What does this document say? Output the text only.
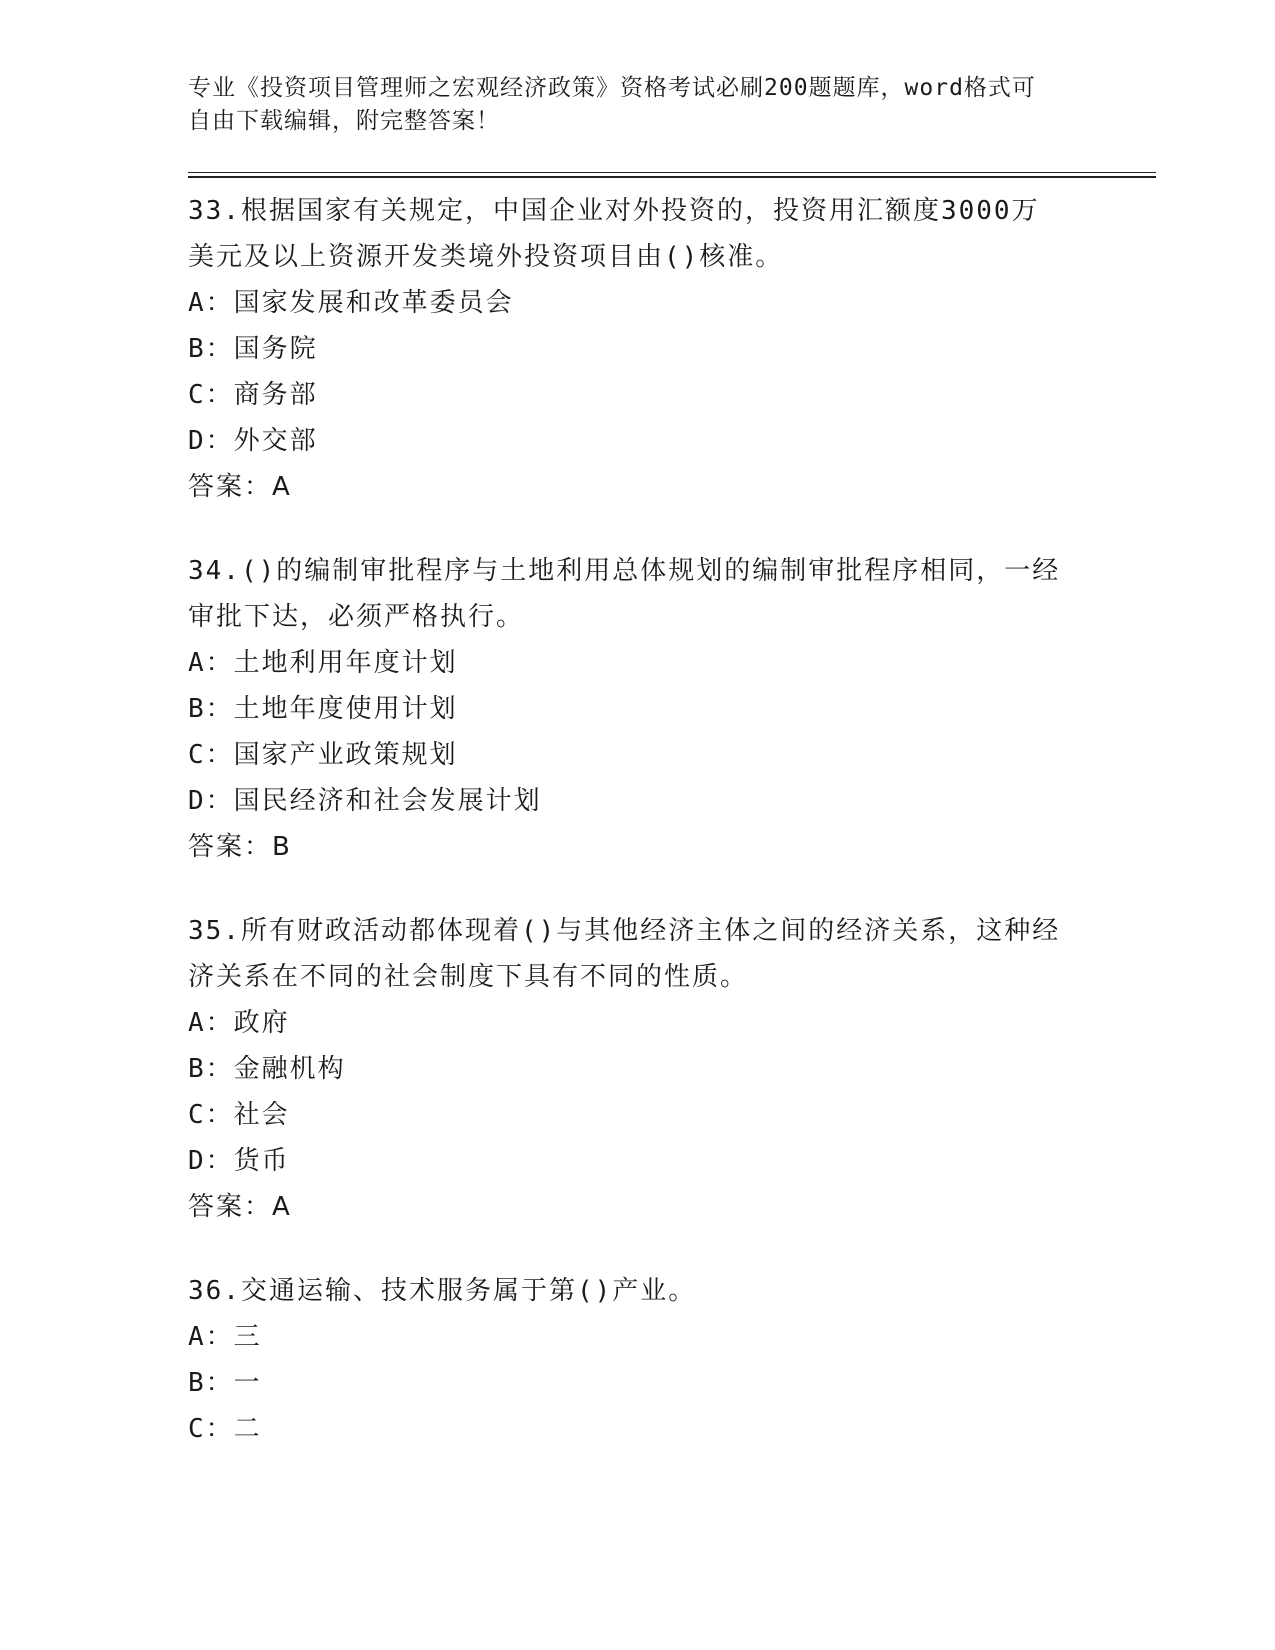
专业《投资项目管理师之宏观经济政策》资格考试必刷200题题库，word格式可

自由下载编辑，附完整答案！

33.根据国家有关规定，中国企业对外投资的，投资用汇额度3000万

美元及以上资源开发类境外投资项目由()核准。

A：国家发展和改革委员会

B：国务院

C：商务部

D：外交部

答案：A

34.()的编制审批程序与土地利用总体规划的编制审批程序相同，一经

审批下达，必须严格执行。

A：土地利用年度计划

B：土地年度使用计划

C：国家产业政策规划

D：国民经济和社会发展计划

答案：B

35.所有财政活动都体现着()与其他经济主体之间的经济关系，这种经

济关系在不同的社会制度下具有不同的性质。

A：政府

B：金融机构

C：社会

D：货币

答案：A

36.交通运输、技术服务属于第()产业。

A：三

B：一

C：二
